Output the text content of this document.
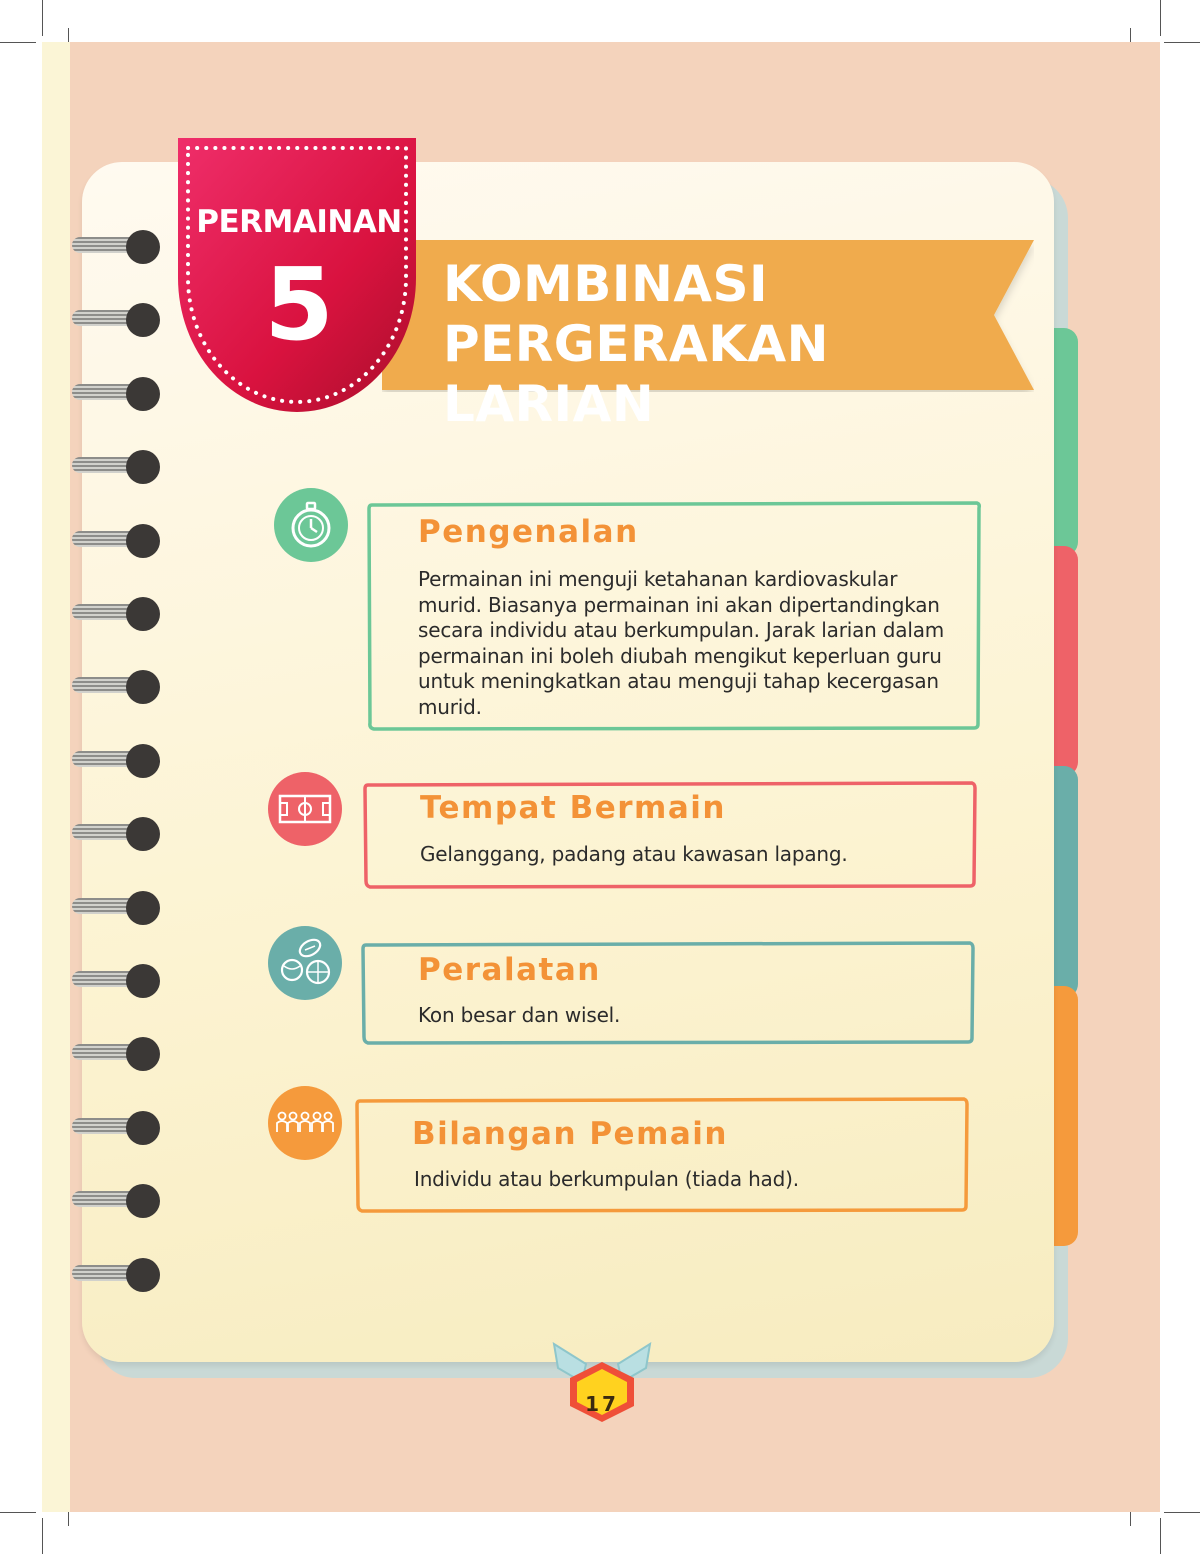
KOMBINASI
PERGERAKAN LARIAN
PERMAINAN
5
Pengenalan
Permainan ini menguji ketahanan kardiovaskular murid. Biasanya permainan ini akan dipertandingkan secara individu atau berkumpulan. Jarak larian dalam permainan ini boleh diubah mengikut keperluan guru untuk meningkatkan atau menguji tahap kecergasan murid.
Tempat Bermain
Gelanggang, padang atau kawasan lapang.
Peralatan
Kon besar dan wisel.
Bilangan Pemain
Individu atau berkumpulan (tiada had).
17
